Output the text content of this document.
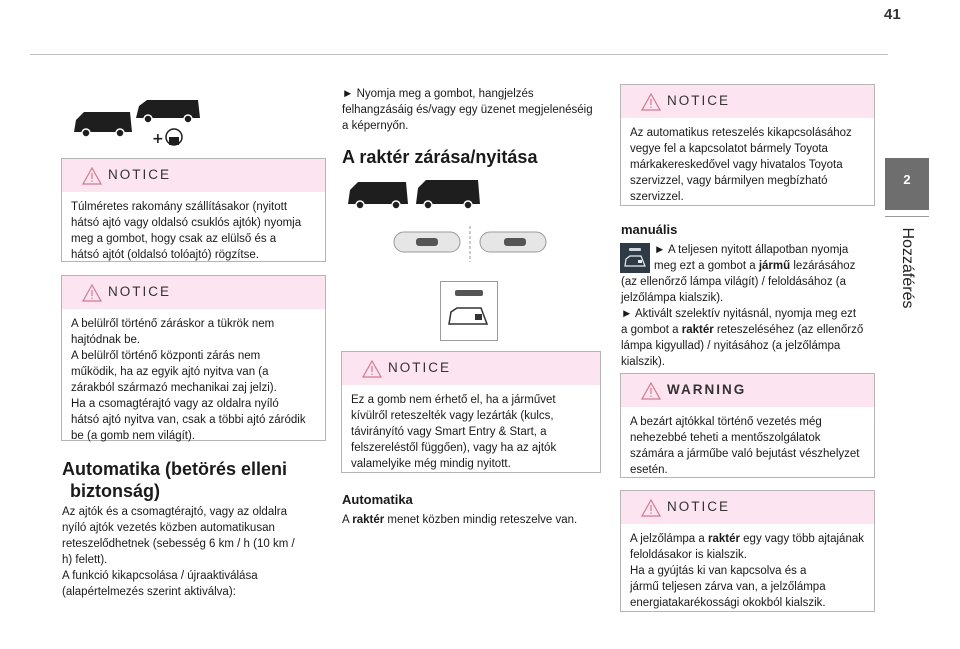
41
2
Hozzáférés
+
NOTICE
Túlméretes rakomány szállításakor (nyitott
hátsó ajtó vagy oldalsó csuklós ajtók) nyomja
meg a gombot, hogy csak az elülső és a
hátsó ajtót (oldalsó tolóajtó) rögzítse.
NOTICE
A belülről történő záráskor a tükrök nem
hajtódnak be.
A belülről történő központi zárás nem
működik, ha az egyik ajtó nyitva van (a
zárakból származó mechanikai zaj jelzi).
Ha a csomagtérajtó vagy az oldalra nyíló
hátsó ajtó nyitva van, csak a többi ajtó záródik
be (a gomb nem világít).
Automatika (betörés elleni
biztonság)
Az ajtók és a csomagtérajtó, vagy az oldalra
nyíló ajtók vezetés közben automatikusan
reteszelődhetnek (sebesség 6 km / h (10 km /
h) felett).
A funkció kikapcsolása / újraaktiválása
(alapértelmezés szerint aktiválva):
► Nyomja meg a gombot, hangjelzés
felhangzásáig és/vagy egy üzenet megjelenéséig
a képernyőn.
A raktér zárása/nyitása
NOTICE
Ez a gomb nem érhető el, ha a járművet
kívülről reteszelték vagy lezárták (kulcs,
távirányító vagy Smart Entry & Start, a
felszereléstől függően), vagy ha az ajtók
valamelyike még mindig nyitott.
Automatika
A raktér menet közben mindig reteszelve van.
NOTICE
Az automatikus reteszelés kikapcsolásához
vegye fel a kapcsolatot bármely Toyota
márkakereskedővel vagy hivatalos Toyota
szervizzel, vagy bármilyen megbízható
szervizzel.
manuális
► A teljesen nyitott állapotban nyomja
meg ezt a gombot a jármű lezárásához
(az ellenőrző lámpa világít) / feloldásához (a
jelzőlámpa kialszik).
► Aktivált szelektív nyitásnál, nyomja meg ezt
a gombot a raktér reteszeléséhez (az ellenőrző
lámpa kigyullad) / nyitásához (a jelzőlámpa
kialszik).
WARNING
A bezárt ajtókkal történő vezetés még
nehezebbé teheti a mentőszolgálatok
számára a járműbe való bejutást vészhelyzet
esetén.
NOTICE
A jelzőlámpa a raktér egy vagy több ajtajának
feloldásakor is kialszik.
Ha a gyújtás ki van kapcsolva és a
jármű teljesen zárva van, a jelzőlámpa
energiatakarékossági okokból kialszik.
